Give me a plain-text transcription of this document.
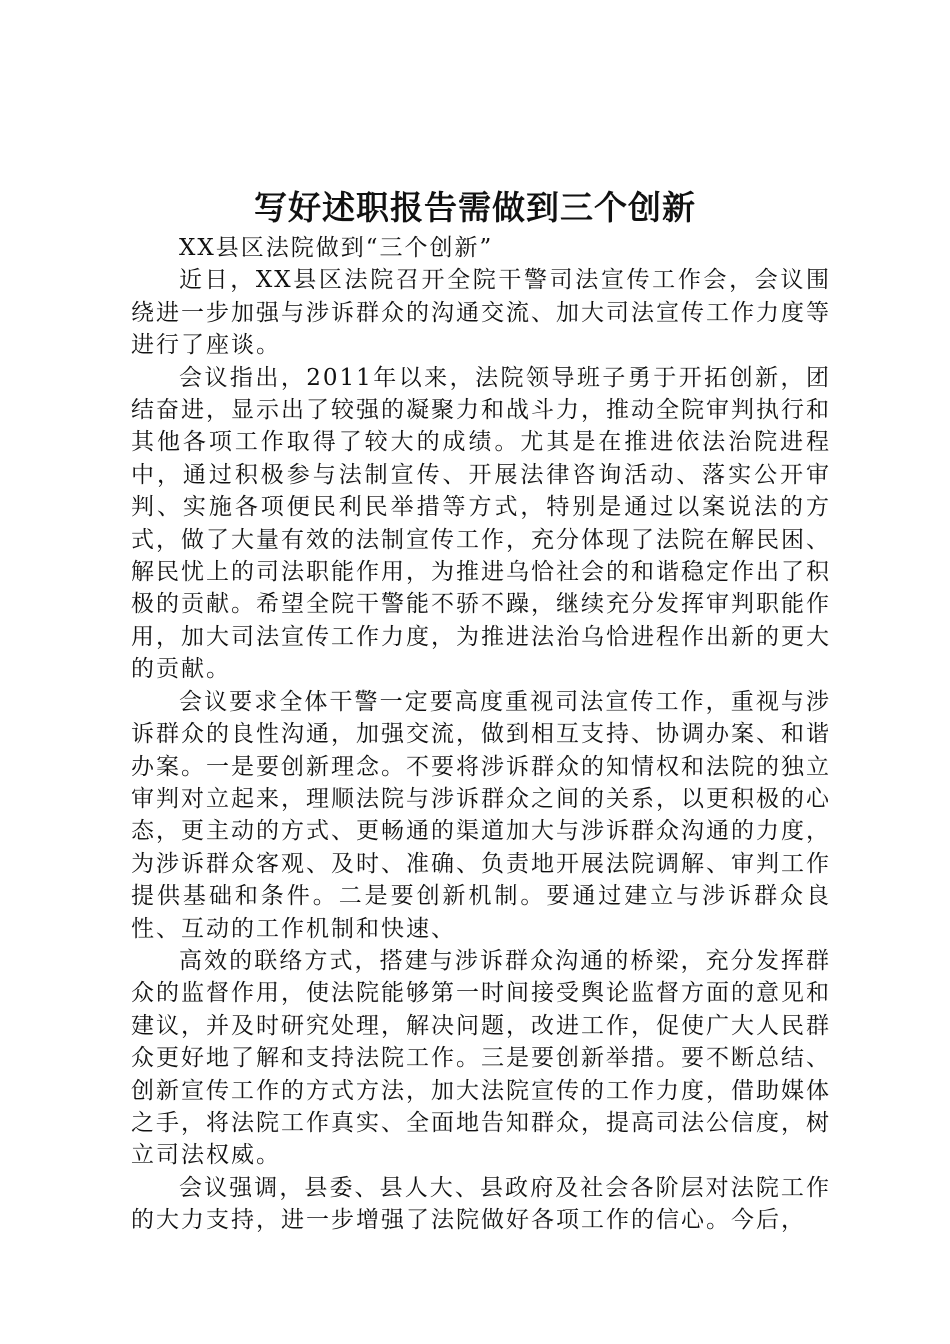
写好述职报告需做到三个创新

XX县区法院做到“三个创新”

近日，XX县区法院召开全院干警司法宣传工作会，会议围绕进一步加强与涉诉群众的沟通交流、加大司法宣传工作力度等进行了座谈。

会议指出，2011年以来，法院领导班子勇于开拓创新，团结奋进，显示出了较强的凝聚力和战斗力，推动全院审判执行和其他各项工作取得了较大的成绩。尤其是在推进依法治院进程中，通过积极参与法制宣传、开展法律咨询活动、落实公开审判、实施各项便民利民举措等方式，特别是通过以案说法的方式，做了大量有效的法制宣传工作，充分体现了法院在解民困、解民忧上的司法职能作用，为推进乌恰社会的和谐稳定作出了积极的贡献。希望全院干警能不骄不躁，继续充分发挥审判职能作用，加大司法宣传工作力度，为推进法治乌恰进程作出新的更大的贡献。

会议要求全体干警一定要高度重视司法宣传工作，重视与涉诉群众的良性沟通，加强交流，做到相互支持、协调办案、和谐办案。一是要创新理念。不要将涉诉群众的知情权和法院的独立审判对立起来，理顺法院与涉诉群众之间的关系，以更积极的心态，更主动的方式、更畅通的渠道加大与涉诉群众沟通的力度，为涉诉群众客观、及时、准确、负责地开展法院调解、审判工作提供基础和条件。二是要创新机制。要通过建立与涉诉群众良性、互动的工作机制和快速、

高效的联络方式，搭建与涉诉群众沟通的桥梁，充分发挥群众的监督作用，使法院能够第一时间接受舆论监督方面的意见和建议，并及时研究处理，解决问题，改进工作，促使广大人民群众更好地了解和支持法院工作。三是要创新举措。要不断总结、创新宣传工作的方式方法，加大法院宣传的工作力度，借助媒体之手，将法院工作真实、全面地告知群众，提高司法公信度，树立司法权威。

会议强调，县委、县人大、县政府及社会各阶层对法院工作的大力支持，进一步增强了法院做好各项工作的信心。今后，
